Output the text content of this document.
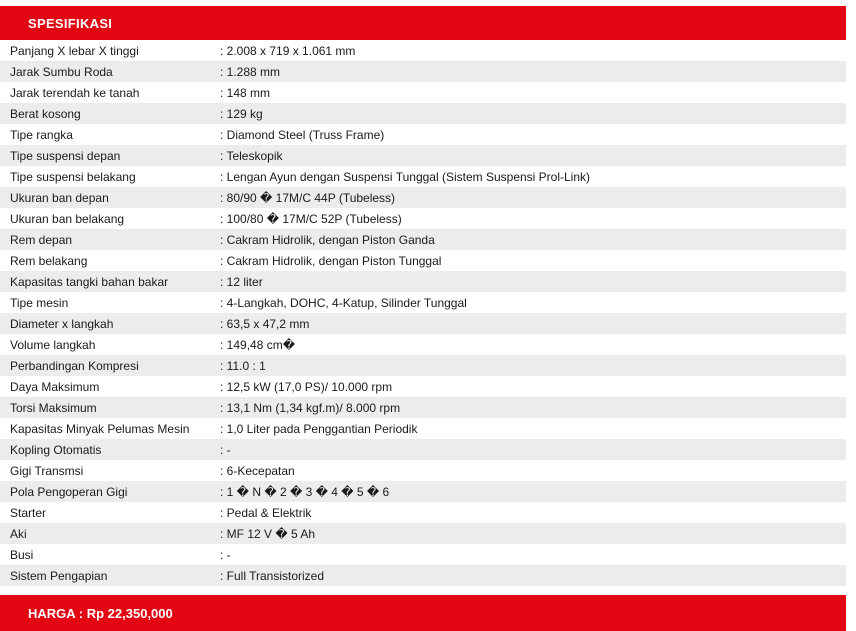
SPESIFIKASI
Panjang X lebar X tinggi	: 2.008 x 719 x 1.061 mm
Jarak Sumbu Roda	: 1.288 mm
Jarak terendah ke tanah	: 148 mm
Berat kosong	: 129 kg
Tipe rangka	: Diamond Steel (Truss Frame)
Tipe suspensi depan	: Teleskopik
Tipe suspensi belakang	: Lengan Ayun dengan Suspensi Tunggal (Sistem Suspensi Prol-Link)
Ukuran ban depan	: 80/90 � 17M/C 44P (Tubeless)
Ukuran ban belakang	: 100/80 � 17M/C 52P (Tubeless)
Rem depan	: Cakram Hidrolik, dengan Piston Ganda
Rem belakang	: Cakram Hidrolik, dengan Piston Tunggal
Kapasitas tangki bahan bakar	: 12 liter
Tipe mesin	: 4-Langkah, DOHC, 4-Katup, Silinder Tunggal
Diameter x langkah	: 63,5 x 47,2 mm
Volume langkah	: 149,48 cm�
Perbandingan Kompresi	: 11.0 : 1
Daya Maksimum	: 12,5 kW (17,0 PS)/ 10.000 rpm
Torsi Maksimum	: 13,1 Nm (1,34 kgf.m)/ 8.000 rpm
Kapasitas Minyak Pelumas Mesin	: 1,0 Liter pada Penggantian Periodik
Kopling Otomatis	: -
Gigi Transmsi	: 6-Kecepatan
Pola Pengoperan Gigi	: 1 � N � 2 � 3 � 4 � 5 � 6
Starter	: Pedal & Elektrik
Aki	: MF 12 V � 5 Ah
Busi	: -
Sistem Pengapian	: Full Transistorized
HARGA : Rp 22,350,000
